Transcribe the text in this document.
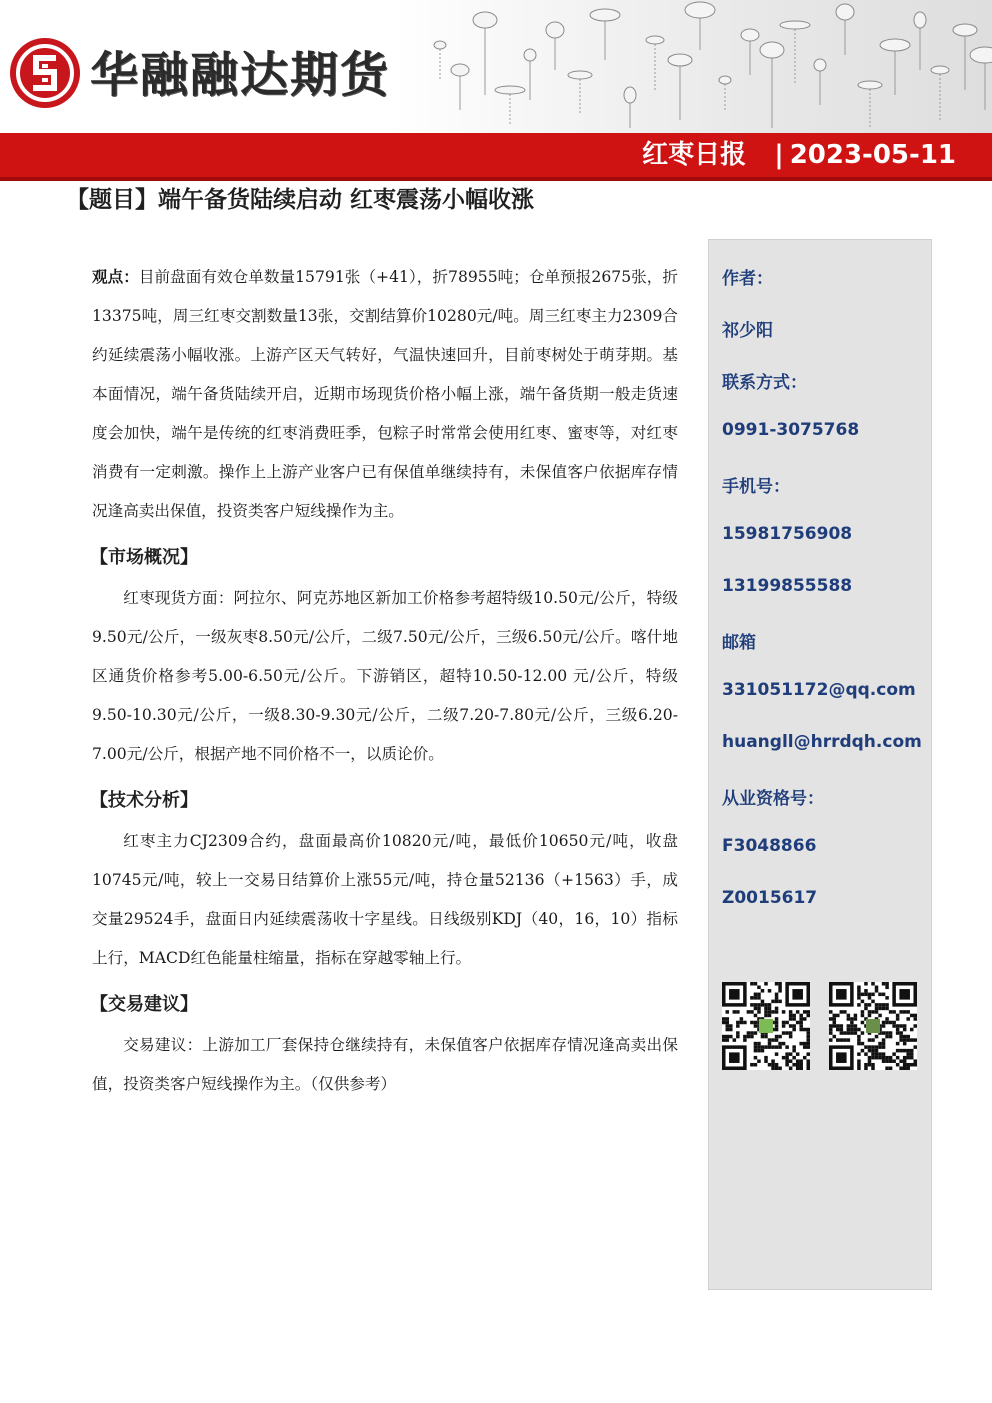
华融融达期货
红枣日报 | 2023-05-11
【题目】端午备货陆续启动 红枣震荡小幅收涨

观点：目前盘面有效仓单数量15791张（+41），折78955吨；仓单预报2675张，折13375吨，周三红枣交割数量13张，交割结算价10280元/吨。周三红枣主力2309合约延续震荡小幅收涨。上游产区天气转好，气温快速回升，目前枣树处于萌芽期。基本面情况，端午备货陆续开启，近期市场现货价格小幅上涨，端午备货期一般走货速度会加快，端午是传统的红枣消费旺季，包粽子时常常会使用红枣、蜜枣等，对红枣消费有一定刺激。操作上上游产业客户已有保值单继续持有，未保值客户依据库存情况逢高卖出保值，投资类客户短线操作为主。

【市场概况】

红枣现货方面：阿拉尔、阿克苏地区新加工价格参考超特级10.50元/公斤，特级9.50元/公斤，一级灰枣8.50元/公斤，二级7.50元/公斤，三级6.50元/公斤。喀什地区通货价格参考5.00-6.50元/公斤。下游销区，超特10.50-12.00 元/公斤，特级9.50-10.30元/公斤，一级8.30-9.30元/公斤，二级7.20-7.80元/公斤，三级6.20-7.00元/公斤，根据产地不同价格不一，以质论价。

【技术分析】

红枣主力CJ2309合约，盘面最高价10820元/吨，最低价10650元/吨，收盘10745元/吨，较上一交易日结算价上涨55元/吨，持仓量52136（+1563）手，成交量29524手，盘面日内延续震荡收十字星线。日线级别KDJ（40，16，10）指标上行，MACD红色能量柱缩量，指标在穿越零轴上行。

【交易建议】

交易建议：上游加工厂套保持仓继续持有，未保值客户依据库存情况逢高卖出保值，投资类客户短线操作为主。（仅供参考）

作者：
祁少阳
联系方式：
0991-3075768
手机号：
15981756908
13199855588
邮箱
331051172@qq.com
huangll@hrrdqh.com
从业资格号：
F3048866
Z0015617
